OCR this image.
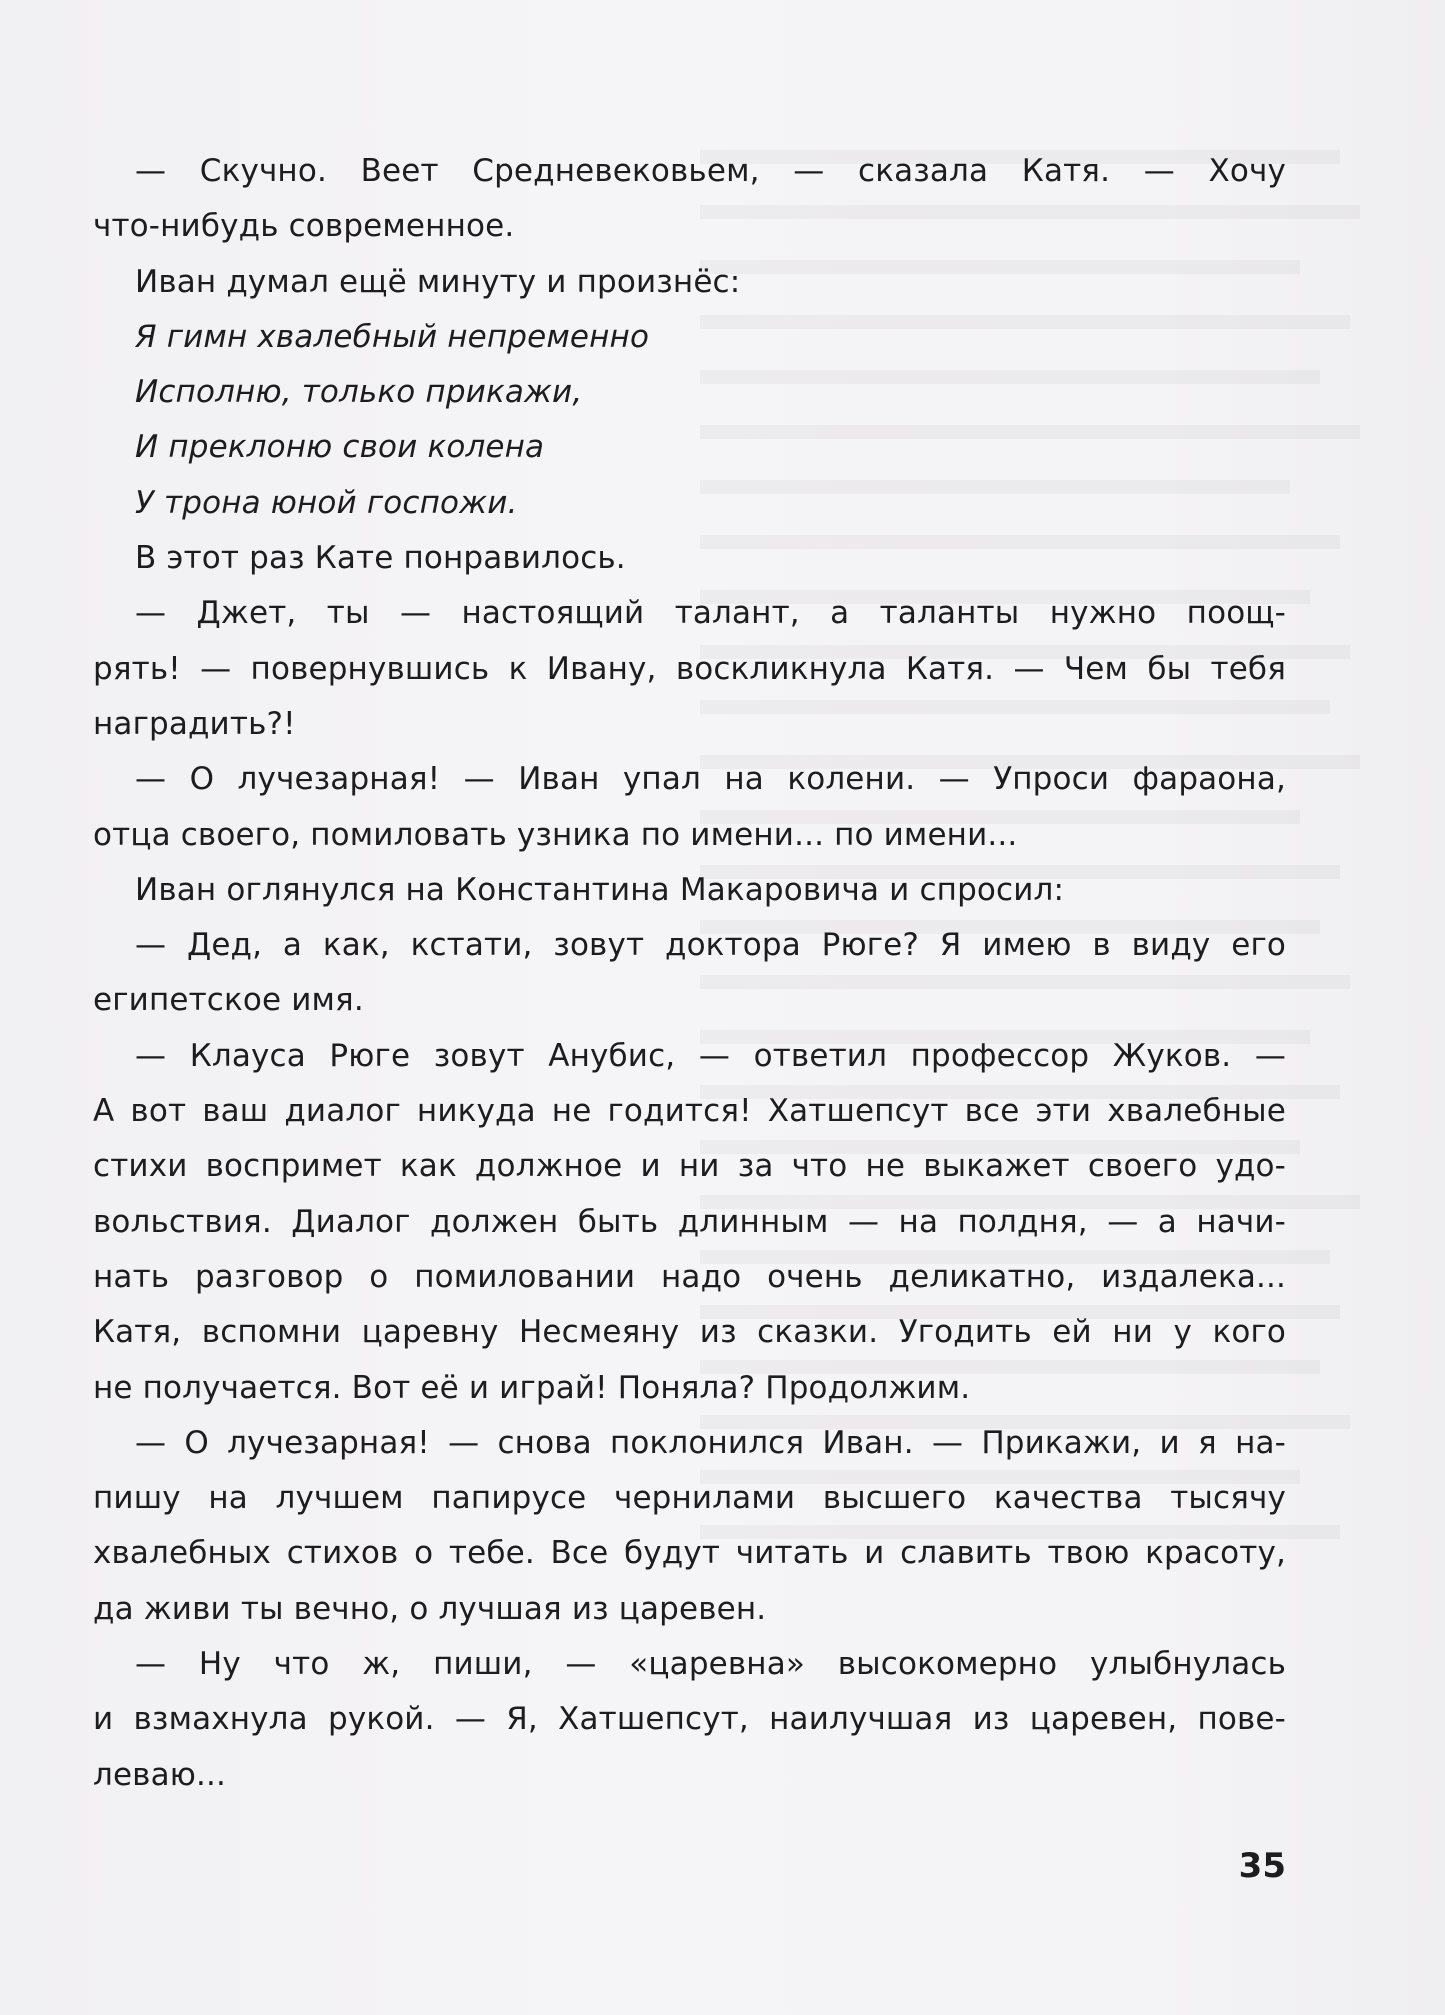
— Скучно. Веет Средневековьем, — сказала Катя. — Хочу
что-нибудь современное.
Иван думал ещё минуту и произнёс:
Я гимн хвалебный непременно
Исполню, только прикажи,
И преклоню свои колена
У трона юной госпожи.
В этот раз Кате понравилось.
— Джет, ты — настоящий талант, а таланты нужно поощ-
рять! — повернувшись к Ивану, воскликнула Катя. — Чем бы тебя
наградить?!
— О лучезарная! — Иван упал на колени. — Упроси фараона,
отца своего, помиловать узника по имени... по имени...
Иван оглянулся на Константина Макаровича и спросил:
— Дед, а как, кстати, зовут доктора Рюге? Я имею в виду его
египетское имя.
— Клауса Рюге зовут Анубис, — ответил профессор Жуков. —
А вот ваш диалог никуда не годится! Хатшепсут все эти хвалебные
стихи воспримет как должное и ни за что не выкажет своего удо-
вольствия. Диалог должен быть длинным — на полдня, — а начи-
нать разговор о помиловании надо очень деликатно, издалека...
Катя, вспомни царевну Несмеяну из сказки. Угодить ей ни у кого
не получается. Вот её и играй! Поняла? Продолжим.
— О лучезарная! — снова поклонился Иван. — Прикажи, и я на-
пишу на лучшем папирусе чернилами высшего качества тысячу
хвалебных стихов о тебе. Все будут читать и славить твою красоту,
да живи ты вечно, о лучшая из царевен.
— Ну что ж, пиши, — «царевна» высокомерно улыбнулась
и взмахнула рукой. — Я, Хатшепсут, наилучшая из царевен, пове-
леваю...
35
